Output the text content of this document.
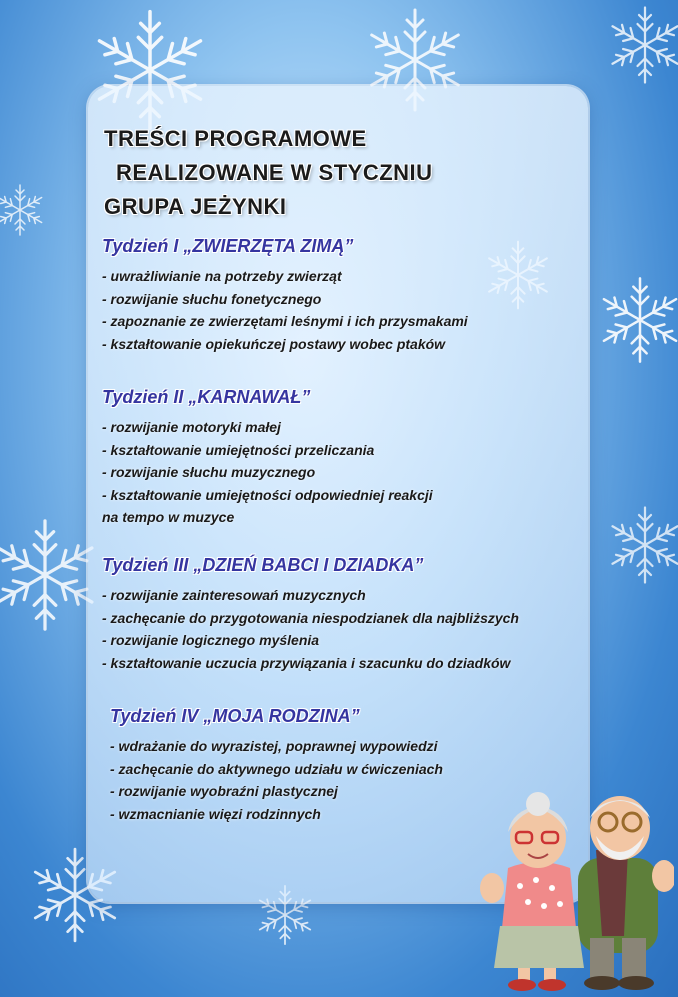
TREŚCI PROGRAMOWE
REALIZOWANE W STYCZNIU
GRUPA JEŻYNKI
Tydzień I „ZWIERZĘTA ZIMĄ”
- uwrażliwianie na potrzeby zwierząt
- rozwijanie słuchu fonetycznego
- zapoznanie ze zwierzętami leśnymi i ich przysmakami
- kształtowanie opiekuńczej postawy wobec ptaków
Tydzień II „KARNAWAŁ”
- rozwijanie motoryki małej
- kształtowanie umiejętności przeliczania
- rozwijanie słuchu muzycznego
- kształtowanie umiejętności odpowiedniej reakcji
na tempo w muzyce
Tydzień III „DZIEŃ BABCI I DZIADKA”
- rozwijanie zainteresowań muzycznych
- zachęcanie do przygotowania niespodzianek dla najbliższych
- rozwijanie logicznego myślenia
- kształtowanie uczucia przywiązania i szacunku do dziadków
Tydzień IV „MOJA RODZINA”
- wdrażanie do wyrazistej, poprawnej wypowiedzi
- zachęcanie do aktywnego udziału w ćwiczeniach
- rozwijanie wyobraźni plastycznej
- wzmacnianie więzi rodzinnych
